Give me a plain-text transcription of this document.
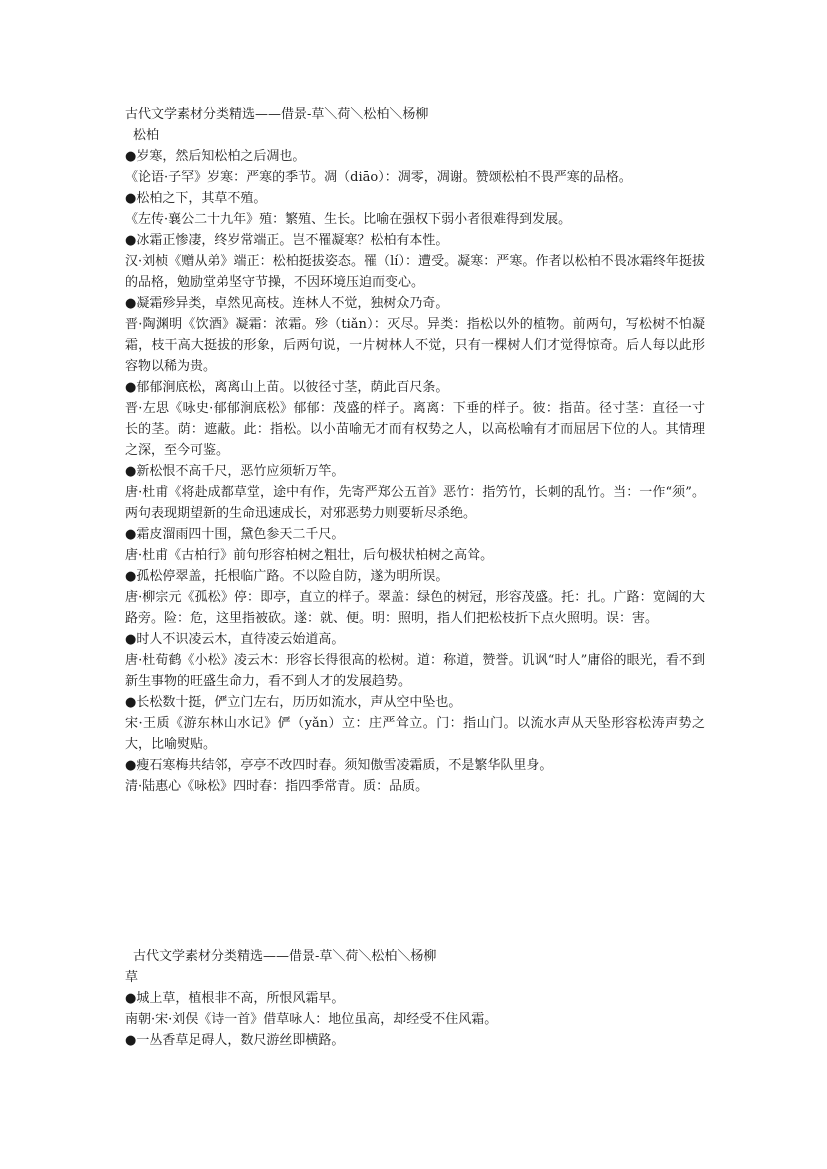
古代文学素材分类精选——借景-草＼荷＼松柏＼杨柳
松柏
●岁寒，然后知松柏之后凋也。
《论语·子罕》岁寒：严寒的季节。凋（diāo）：凋零，凋谢。赞颂松柏不畏严寒的品格。
●松柏之下，其草不殖。
《左传·襄公二十九年》殖：繁殖、生长。比喻在强权下弱小者很难得到发展。
●冰霜正惨凄，终岁常端正。岂不罹凝寒？松柏有本性。
汉·刘桢《赠从弟》端正：松柏挺拔姿态。罹（lí）：遭受。凝寒：严寒。作者以松柏不畏冰霜终年挺拔的品格，勉励堂弟坚守节操，不因环境压迫而变心。
●凝霜殄异类，卓然见高枝。连林人不觉，独树众乃奇。
晋·陶渊明《饮酒》凝霜：浓霜。殄（tiǎn）：灭尽。异类：指松以外的植物。前两句，写松树不怕凝霜，枝干高大挺拔的形象，后两句说，一片树林人不觉，只有一棵树人们才觉得惊奇。后人每以此形容物以稀为贵。
●郁郁涧底松，离离山上苗。以彼径寸茎，荫此百尺条。
晋·左思《咏史·郁郁涧底松》郁郁：茂盛的样子。离离：下垂的样子。彼：指苗。径寸茎：直径一寸长的茎。荫：遮蔽。此：指松。以小苗喻无才而有权势之人，以高松喻有才而屈居下位的人。其情理之深，至今可鉴。
●新松恨不高千尺，恶竹应须斩万竿。
唐·杜甫《将赴成都草堂，途中有作，先寄严郑公五首》恶竹：指竻竹，长刺的乱竹。当：一作“须”。两句表现期望新的生命迅速成长，对邪恶势力则要斩尽杀绝。
●霜皮溜雨四十围，黛色参天二千尺。
唐·杜甫《古柏行》前句形容柏树之粗壮，后句极状柏树之高耸。
●孤松停翠盖，托根临广路。不以险自防，遂为明所误。
唐·柳宗元《孤松》停：即亭，直立的样子。翠盖：绿色的树冠，形容茂盛。托：扎。广路：宽阔的大路旁。险：危，这里指被砍。遂：就、便。明：照明，指人们把松枝折下点火照明。误：害。
●时人不识凌云木，直待凌云始道高。
唐·杜荀鹤《小松》凌云木：形容长得很高的松树。道：称道，赞誉。讥讽“时人”庸俗的眼光，看不到新生事物的旺盛生命力，看不到人才的发展趋势。
●长松数十挺，俨立门左右，历历如流水，声从空中坠也。
宋·王质《游东林山水记》俨（yǎn）立：庄严耸立。门：指山门。以流水声从天坠形容松涛声势之大，比喻熨贴。
●瘦石寒梅共结邻，亭亭不改四时春。须知傲雪凌霜质，不是繁华队里身。
清·陆惠心《咏松》四时春：指四季常青。质：品质。
古代文学素材分类精选——借景-草＼荷＼松柏＼杨柳
草
●城上草，植根非不高，所恨风霜早。
南朝·宋·刘俣《诗一首》借草咏人：地位虽高，却经受不住风霜。
●一丛香草足碍人，数尺游丝即横路。
